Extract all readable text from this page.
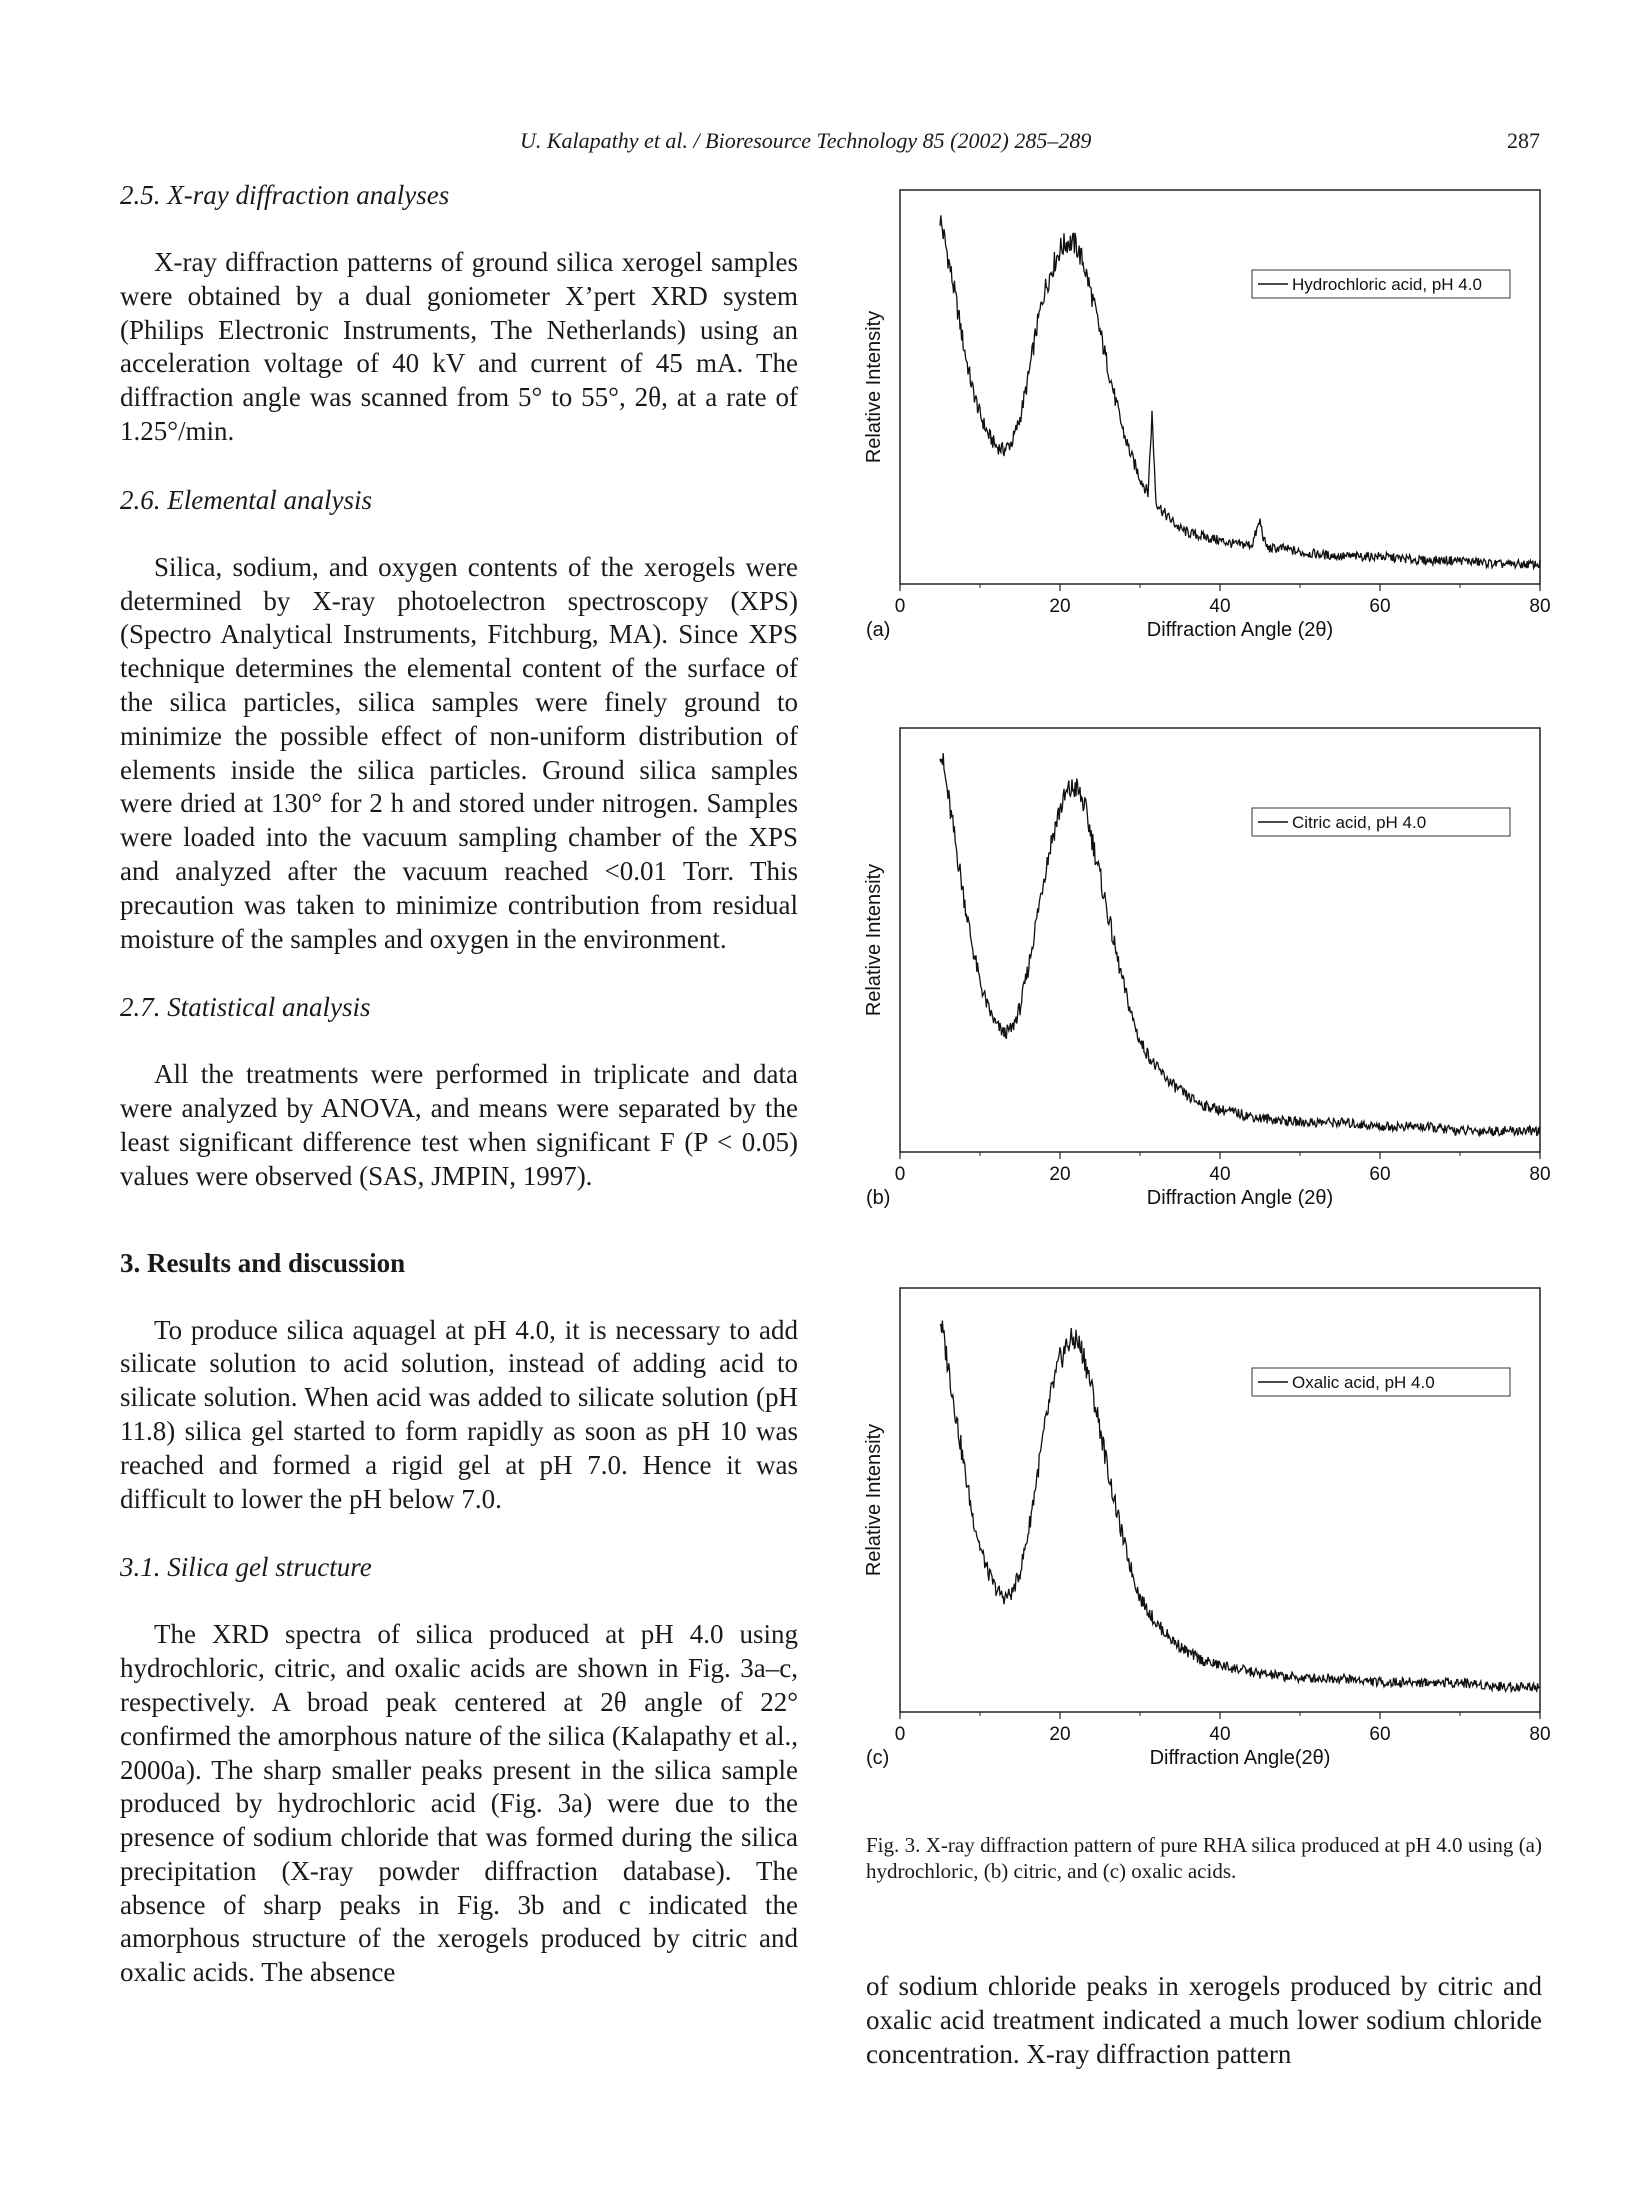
U. Kalapathy et al. / Bioresource Technology 85 (2002) 285–289	287
2.5. X-ray diffraction analyses

X-ray diffraction patterns of ground silica xerogel samples were obtained by a dual goniometer X’pert XRD system (Philips Electronic Instruments, The Netherlands) using an acceleration voltage of 40 kV and current of 45 mA. The diffraction angle was scanned from 5° to 55°, 2θ, at a rate of 1.25°/min.

2.6. Elemental analysis

Silica, sodium, and oxygen contents of the xerogels were determined by X-ray photoelectron spectroscopy (XPS) (Spectro Analytical Instruments, Fitchburg, MA). Since XPS technique determines the elemental content of the surface of the silica particles, silica samples were finely ground to minimize the possible effect of non-uniform distribution of elements inside the silica particles. Ground silica samples were dried at 130° for 2 h and stored under nitrogen. Samples were loaded into the vacuum sampling chamber of the XPS and analyzed after the vacuum reached <0.01 Torr. This precaution was taken to minimize contribution from residual moisture of the samples and oxygen in the environment.

2.7. Statistical analysis

All the treatments were performed in triplicate and data were analyzed by ANOVA, and means were separated by the least significant difference test when significant F (P < 0.05) values were observed (SAS, JMPIN, 1997).

3. Results and discussion

To produce silica aquagel at pH 4.0, it is necessary to add silicate solution to acid solution, instead of adding acid to silicate solution. When acid was added to silicate solution (pH 11.8) silica gel started to form rapidly as soon as pH 10 was reached and formed a rigid gel at pH 7.0. Hence it was difficult to lower the pH below 7.0.

3.1. Silica gel structure

The XRD spectra of silica produced at pH 4.0 using hydrochloric, citric, and oxalic acids are shown in Fig. 3a–c, respectively. A broad peak centered at 2θ angle of 22° confirmed the amorphous nature of the silica (Kalapathy et al., 2000a). The sharp smaller peaks present in the silica sample produced by hydrochloric acid (Fig. 3a) were due to the presence of sodium chloride that was formed during the silica precipitation (X-ray powder diffraction database). The absence of sharp peaks in Fig. 3b and c indicated the amorphous structure of the xerogels produced by citric and oxalic acids. The absence

0	20	40	60	80
Diffraction Angle (2θ)
(a)
Relative Intensity
Hydrochloric acid, pH 4.0
0	20	40	60	80
Diffraction Angle (2θ)
(b)
Relative Intensity
Citric acid, pH 4.0
0	20	40	60	80
Diffraction Angle(2θ)
(c)
Relative Intensity
Oxalic acid, pH 4.0
Fig. 3. X-ray diffraction pattern of pure RHA silica produced at pH 4.0 using (a) hydrochloric, (b) citric, and (c) oxalic acids.

of sodium chloride peaks in xerogels produced by citric and oxalic acid treatment indicated a much lower sodium chloride concentration. X-ray diffraction pattern
